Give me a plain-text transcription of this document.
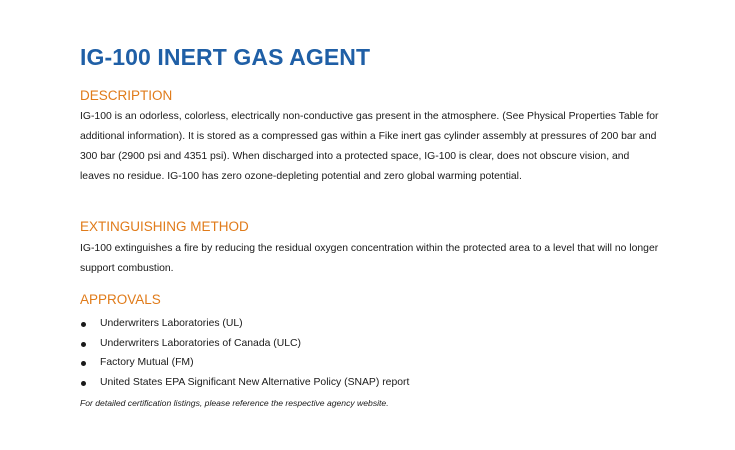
IG-100 INERT GAS AGENT
DESCRIPTION

IG-100 is an odorless, colorless, electrically non-conductive gas present in the atmosphere. (See Physical Properties Table for additional information). It is stored as a compressed gas within a Fike inert gas cylinder assembly at pressures of 200 bar and 300 bar (2900 psi and 4351 psi). When discharged into a protected space, IG-100 is clear, does not obscure vision, and leaves no residue. IG-100 has zero ozone-depleting potential and zero global warming potential.

EXTINGUISHING METHOD

IG-100 extinguishes a fire by reducing the residual oxygen concentration within the protected area to a level that will no longer support combustion.

APPROVALS
Underwriters Laboratories (UL)
Underwriters Laboratories of Canada (ULC)
Factory Mutual (FM)
United States EPA Significant New Alternative Policy (SNAP) report

For detailed certification listings, please reference the respective agency website.
